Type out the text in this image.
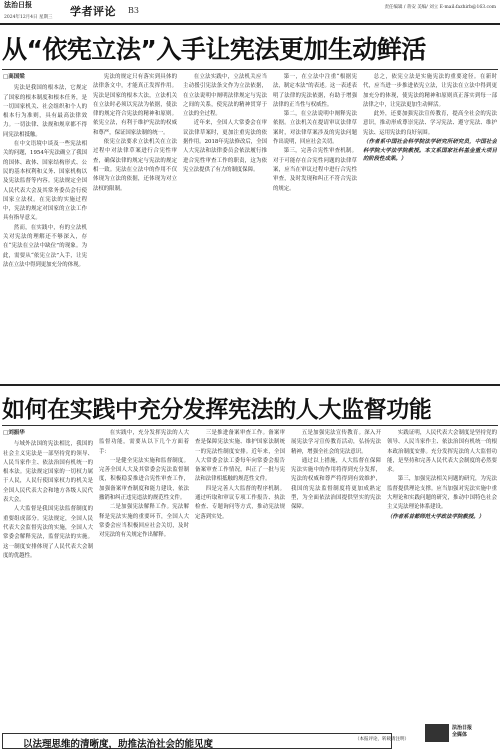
法治日报
2024年12月4日 星期三 学者评论 B3	责任编辑 / 蒋安 美编/ 刘立 E-mail:fazhirb@163.com
从“依宪立法”入手让宪法更加生动鲜活
□高国梁

宪法是我国的根本法，它规定了国家的根本制度和根本任务，是一切国家机关、社会组织和个人的根本行为准则，具有最高法律效力。一切法律、法规和规章都不得同宪法相抵触。

在中文语境中谈及一些宪法相关的问题，1954年宪法确立了我国的国体、政体、国家结构形式、公民的基本权利和义务、国家机构以及宪法监督等内容。宪法规定全国人民代表大会及其常务委员会行使国家立法权。在宪法的实施过程中，宪法的规定对国家的立法工作具有指导意义。

然而，在实践中，有的立法机关对宪法的理解还不够深入，存在“宪法在立法中缺位”的现象。为此，需要从“依宪立法”入手，让宪法在立法中得到更加充分的体现。

宪法的规定只有落实到具体的法律条文中，才能真正发挥作用。宪法是国家的根本大法，立法机关在立法时必须以宪法为依据，使法律的规定符合宪法的精神和原则。依宪立法，有利于维护宪法的权威和尊严，保证国家法制的统一。

依宪立法要求立法机关在立法过程中对法律草案进行合宪性审查，确保法律的规定与宪法的规定相一致。宪法在立法中的作用不仅体现为立法的依据，还体现为对立法权的限制。

在立法实践中，立法机关应当主动援引宪法条文作为立法依据，在立法说明中阐明法律规定与宪法之间的关系，使宪法的精神贯穿于立法的全过程。

近年来，全国人大常委会在审议法律草案时，更加注重宪法的依据作用。2018年宪法修改后，全国人大宪法和法律委员会依法履行推进合宪性审查工作的职责，这为依宪立法提供了有力的制度保障。

第一，在立法中注重“根据宪法，制定本法”的表述。这一表述表明了法律的宪法依据，有助于增强法律的正当性与权威性。

第二，在立法说明中阐释宪法依据。立法机关在提请审议法律草案时，对法律草案涉及的宪法问题作出说明，回应社会关切。

第三，完善合宪性审查机制。对于可能存在合宪性问题的法律草案，应当在审议过程中进行合宪性审查，及时发现和纠正不符合宪法的规定。

总之，依宪立法是实施宪法的重要途径。在新时代，应当进一步推进依宪立法，让宪法在立法中得到更加充分的体现，使宪法的精神和原则真正落实到每一部法律之中，让宪法更加生动鲜活。

此外，还要加强宪法宣传教育，提高全社会的宪法意识，推动形成尊崇宪法、学习宪法、遵守宪法、维护宪法、运用宪法的良好氛围。

（作者系中国社会科学院法学研究所研究员，中国社会科学院大学法学院教授。本文系国家社科基金重大项目的阶段性成果。）

如何在实践中充分发挥宪法的人大监督功能
□刘振华

与域外法国的宪法相比，我国的社会主义宪法是一部坚持党的领导、人民当家作主、依法治国有机统一的根本法。宪法规定国家的一切权力属于人民，人民行使国家权力的机关是全国人民代表大会和地方各级人民代表大会。

人大监督是我国宪法监督制度的重要组成部分。宪法规定，全国人民代表大会监督宪法的实施，全国人大常委会解释宪法，监督宪法的实施。这一制度安排体现了人民代表大会制度的优越性。

在实践中，充分发挥宪法的人大监督功能，需要从以下几个方面着手：

一是健全宪法实施和监督制度。完善全国人大及其常委会宪法监督制度，积极稳妥推进合宪性审查工作，加强备案审查制度和能力建设，依法撤销和纠正违宪违法的规范性文件。

二是加强宪法解释工作。宪法解释是宪法实施的重要环节，全国人大常委会应当积极回应社会关切，及时对宪法的有关规定作出解释。

三是推进备案审查工作。备案审查是保障宪法实施、维护国家法制统一的宪法性制度安排。近年来，全国人大常委会法工委每年向常委会报告备案审查工作情况，纠正了一批与宪法和法律相抵触的规范性文件。

四是完善人大监督的程序机制。通过听取和审议专项工作报告、执法检查、专题询问等方式，推动宪法规定落到实处。

五是加强宪法宣传教育。深入开展宪法学习宣传教育活动，弘扬宪法精神，增强全社会的宪法意识。

通过以上措施，人大监督在保障宪法实施中的作用将得到充分发挥，宪法的权威和尊严将得到有效维护，我国的宪法监督制度将更加成熟定型，为全面依法治国提供坚实的宪法保障。

实践证明，人民代表大会制度是坚持党的领导、人民当家作主、依法治国有机统一的根本政治制度安排。充分发挥宪法的人大监督功能，是坚持和完善人民代表大会制度的必然要求。

第三，加强宪法相关问题的研究，为宪法监督提供理论支撑。应当加强对宪法实施中重大理论和实践问题的研究，推动中国特色社会主义宪法理论体系建设。

（作者系首都师范大学政法学院教授。）

以法理思维的清晰度，助推法治社会的能见度	（本报评论，转载请注明）
法治日报
全媒体
